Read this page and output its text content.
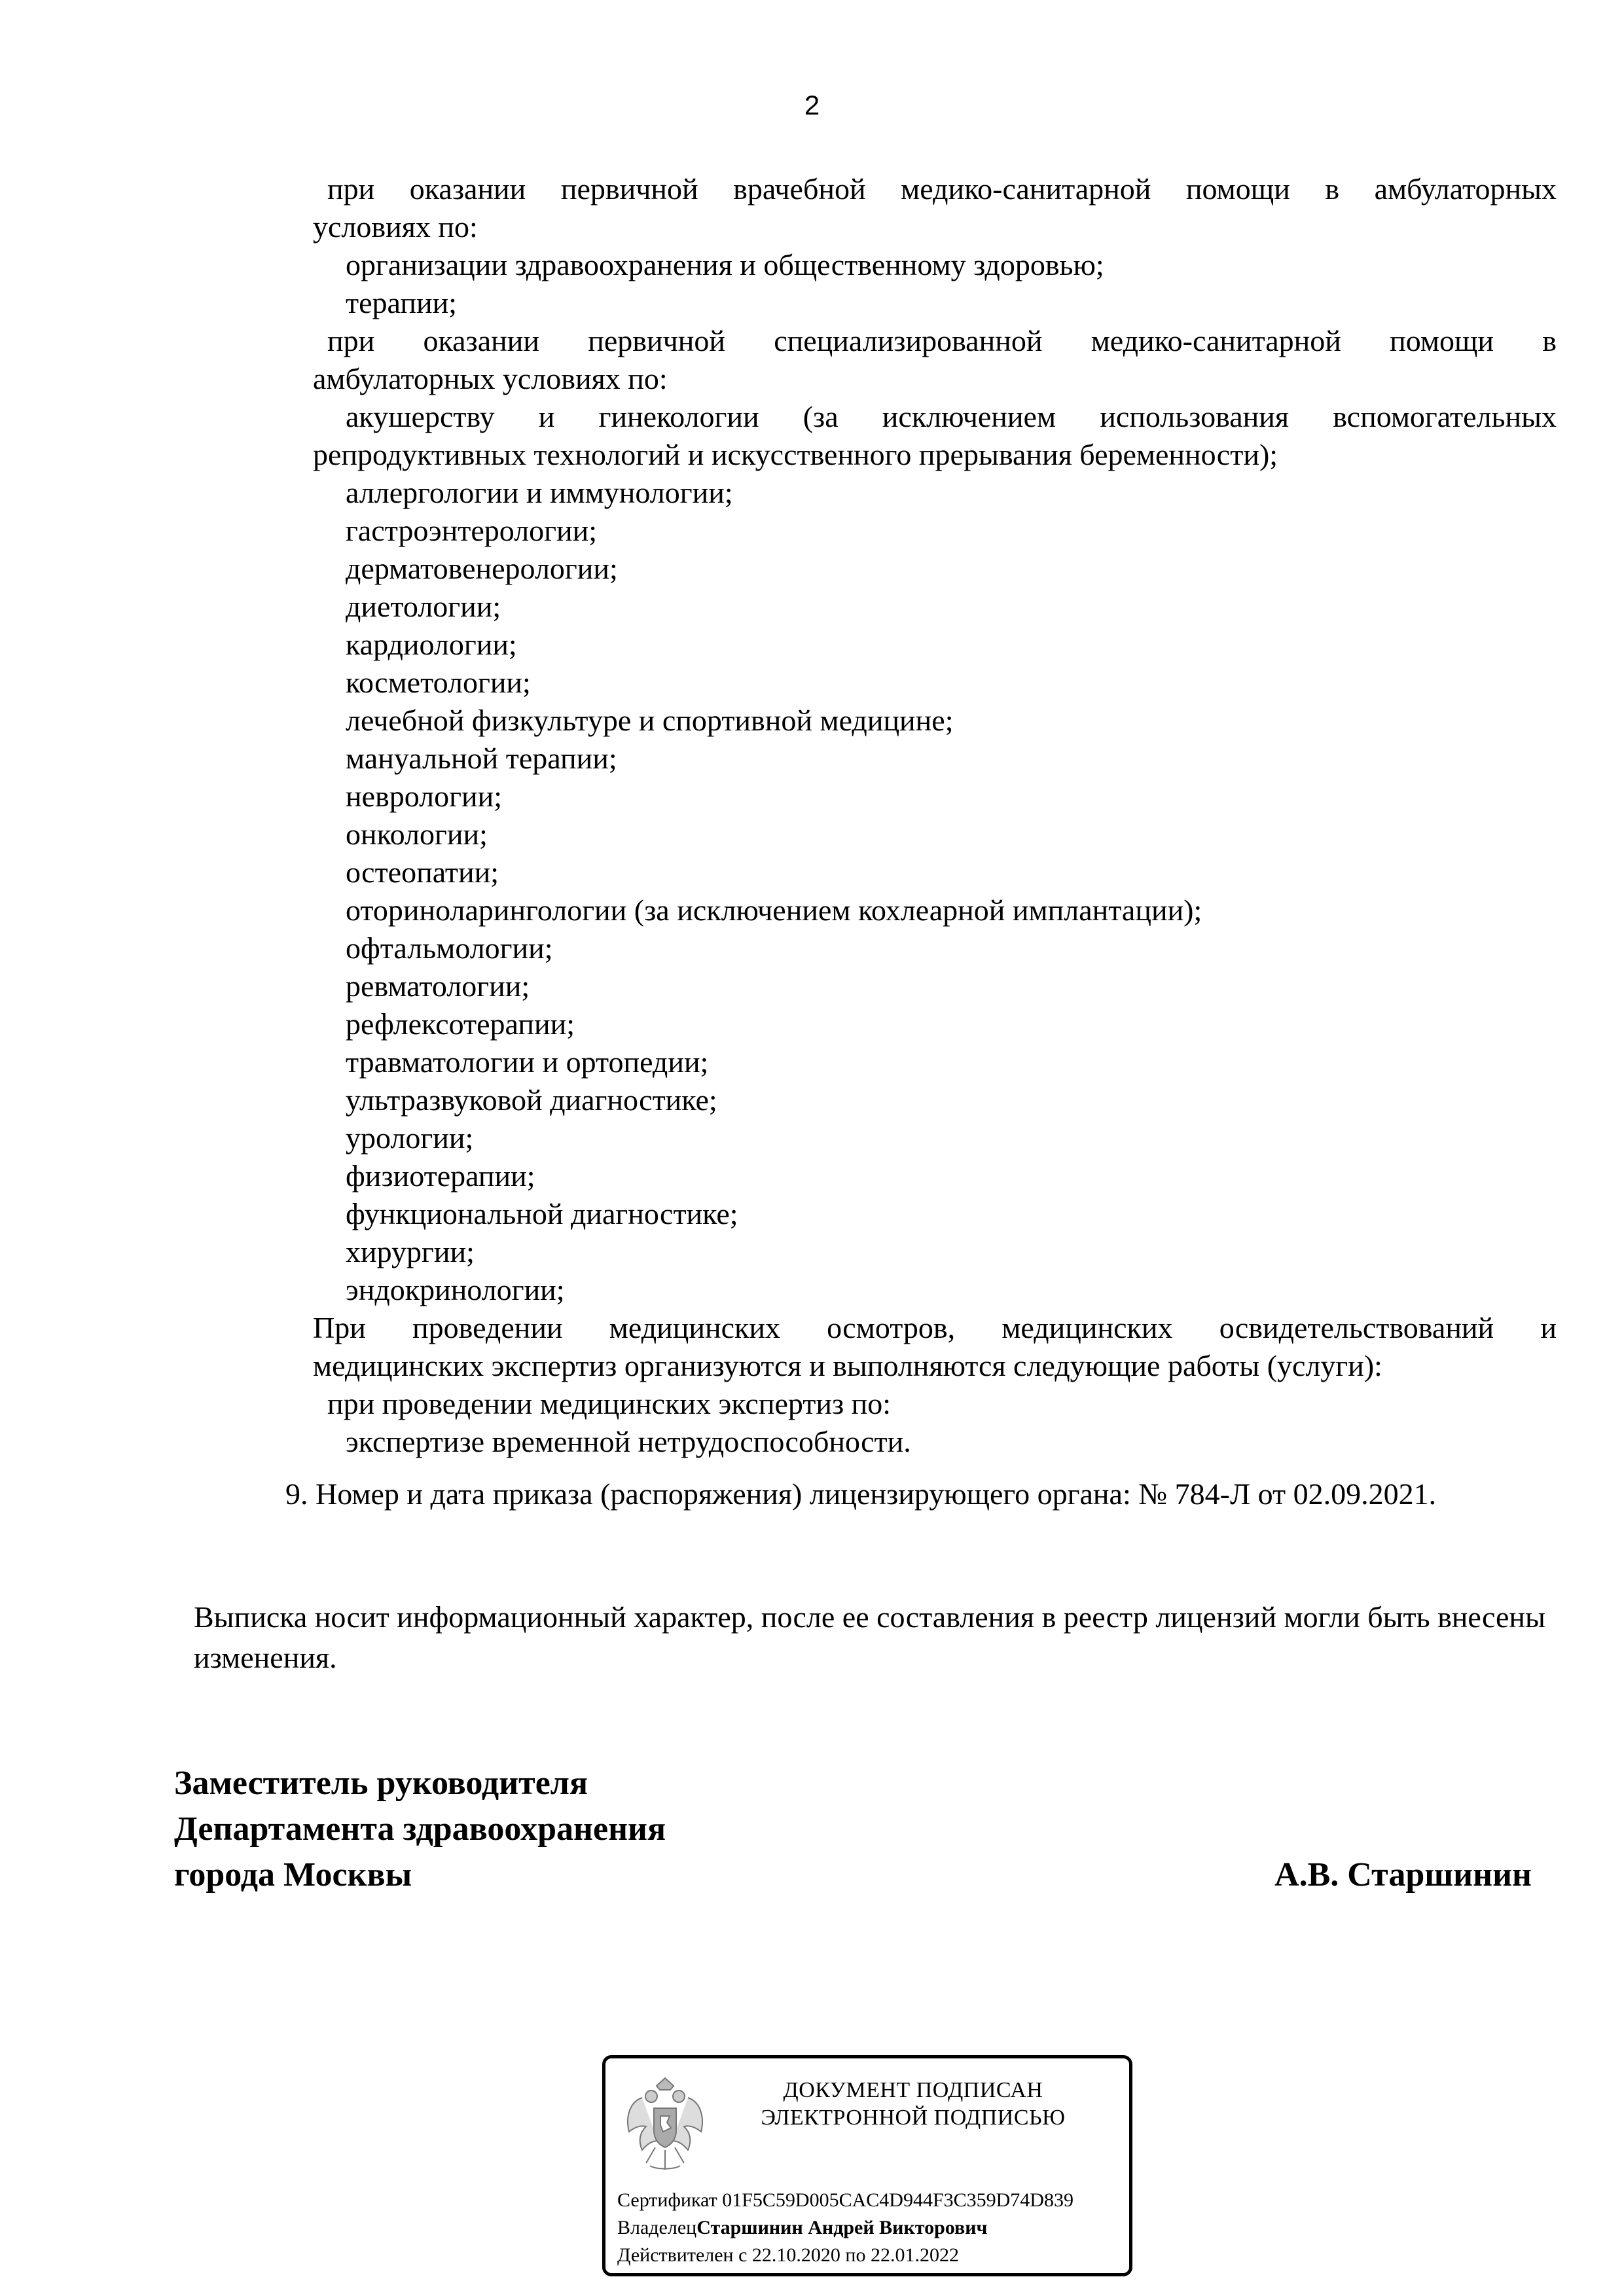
2
при оказании первичной врачебной медико-санитарной помощи в амбулаторных
условиях по:
организации здравоохранения и общественному здоровью;
терапии;
при оказании первичной специализированной медико-санитарной помощи в
амбулаторных условиях по:
акушерству и гинекологии (за исключением использования вспомогательных
репродуктивных технологий и искусственного прерывания беременности);
аллергологии и иммунологии;
гастроэнтерологии;
дерматовенерологии;
диетологии;
кардиологии;
косметологии;
лечебной физкультуре и спортивной медицине;
мануальной терапии;
неврологии;
онкологии;
остеопатии;
оториноларингологии (за исключением кохлеарной имплантации);
офтальмологии;
ревматологии;
рефлексотерапии;
травматологии и ортопедии;
ультразвуковой диагностике;
урологии;
физиотерапии;
функциональной диагностике;
хирургии;
эндокринологии;
При проведении медицинских осмотров, медицинских освидетельствований и
медицинских экспертиз организуются и выполняются следующие работы (услуги):
при проведении медицинских экспертиз по:
экспертизе временной нетрудоспособности.
9. Номер и дата приказа (распоряжения) лицензирующего органа: № 784-Л от 02.09.2021.
Выписка носит информационный характер, после ее составления в реестр лицензий могли быть внесены изменения.
Заместитель руководителя
Департамента здравоохранения
города Москвы	А.В. Старшинин
ДОКУМЕНТ ПОДПИСАН
ЭЛЕКТРОННОЙ ПОДПИСЬЮ
Сертификат 01F5C59D005CAC4D944F3C359D74D839
ВладелецСтаршинин Андрей Викторович
Действителен с 22.10.2020 по 22.01.2022
